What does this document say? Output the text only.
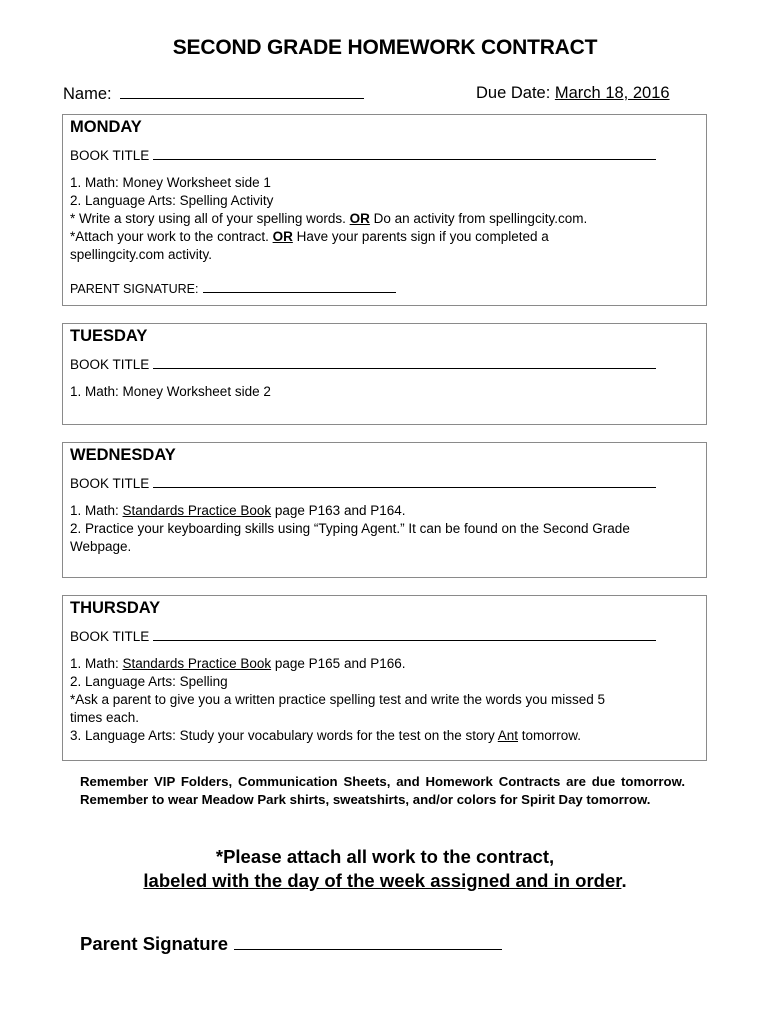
SECOND GRADE HOMEWORK CONTRACT
Name:	Due Date: March 18, 2016
MONDAY
BOOK TITLE
1. Math: Money Worksheet side 1
2. Language Arts: Spelling Activity
* Write a story using all of your spelling words. OR Do an activity from spellingcity.com.
*Attach your work to the contract. OR Have your parents sign if you completed a
spellingcity.com activity.
PARENT SIGNATURE:
TUESDAY
BOOK TITLE
1. Math: Money Worksheet side 2
WEDNESDAY
BOOK TITLE
1. Math: Standards Practice Book page P163 and P164.
2. Practice your keyboarding skills using “Typing Agent.” It can be found on the Second Grade
Webpage.
THURSDAY
BOOK TITLE
1. Math: Standards Practice Book page P165 and P166.
2. Language Arts: Spelling
*Ask a parent to give you a written practice spelling test and write the words you missed 5
times each.
3. Language Arts: Study your vocabulary words for the test on the story Ant tomorrow.
Remember VIP Folders, Communication Sheets, and Homework Contracts are due tomorrow. Remember to wear Meadow Park shirts, sweatshirts, and/or colors for Spirit Day tomorrow.
*Please attach all work to the contract,
labeled with the day of the week assigned and in order.
Parent Signature
